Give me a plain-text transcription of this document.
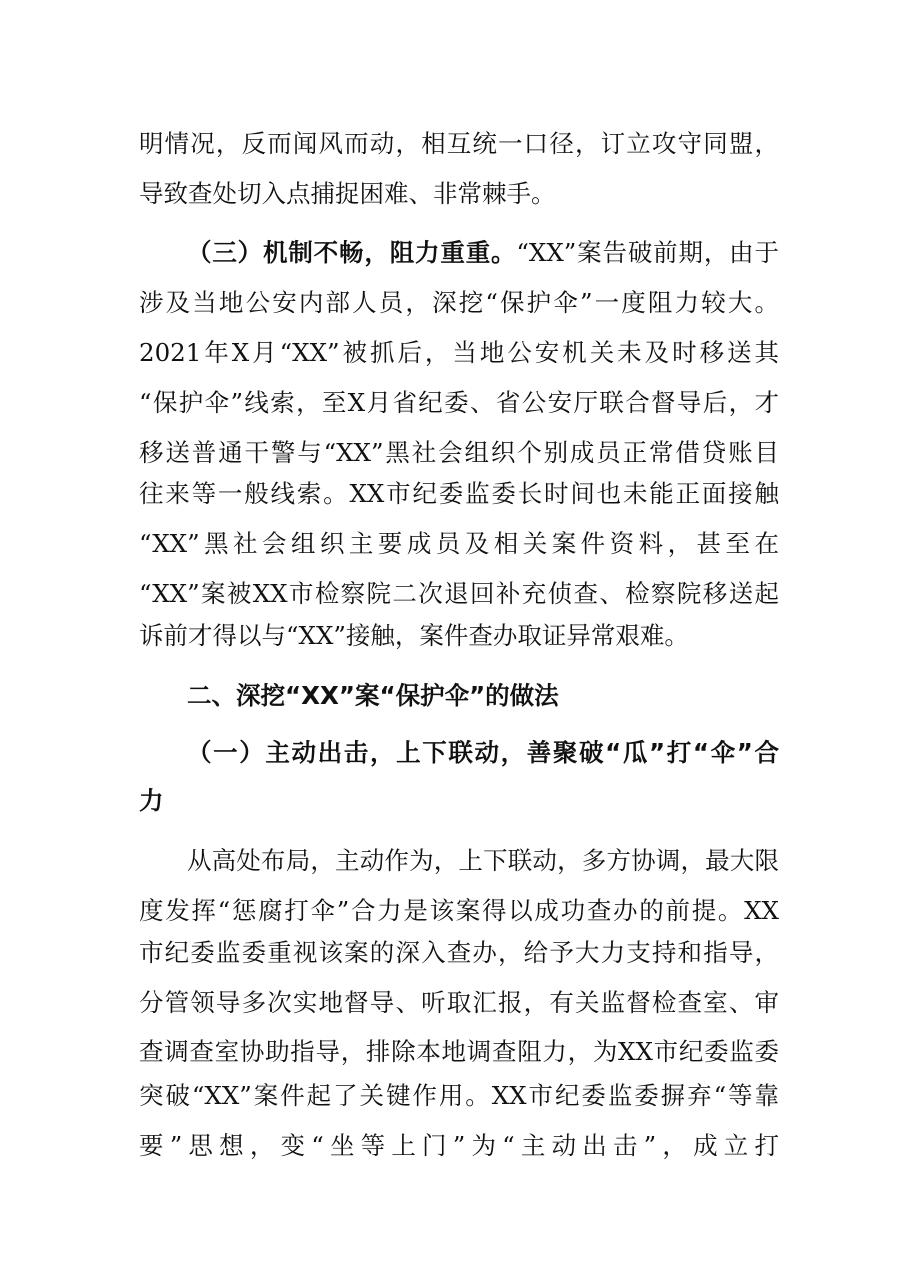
明情况，反而闻风而动，相互统一口径，订立攻守同盟，
导致查处切入点捕捉困难、非常棘手。
（三）机制不畅，阻力重重。“XX”案告破前期，由于
涉及当地公安内部人员，深挖“保护伞”一度阻力较大。
2021年X月“XX”被抓后，当地公安机关未及时移送其
“保护伞”线索，至X月省纪委、省公安厅联合督导后，才
移送普通干警与“XX”黑社会组织个别成员正常借贷账目
往来等一般线索。XX市纪委监委长时间也未能正面接触
“XX”黑社会组织主要成员及相关案件资料，甚至在
“XX”案被XX市检察院二次退回补充侦查、检察院移送起
诉前才得以与“XX”接触，案件查办取证异常艰难。
二、深挖“XX”案“保护伞”的做法
（一）主动出击，上下联动，善聚破“瓜”打“伞”合
力
从高处布局，主动作为，上下联动，多方协调，最大限
度发挥“惩腐打伞”合力是该案得以成功查办的前提。XX
市纪委监委重视该案的深入查办，给予大力支持和指导，
分管领导多次实地督导、听取汇报，有关监督检查室、审
查调查室协助指导，排除本地调查阻力，为XX市纪委监委
突破“XX”案件起了关键作用。XX市纪委监委摒弃“等靠
要”思想，变“坐等上门”为“主动出击”，成立打
